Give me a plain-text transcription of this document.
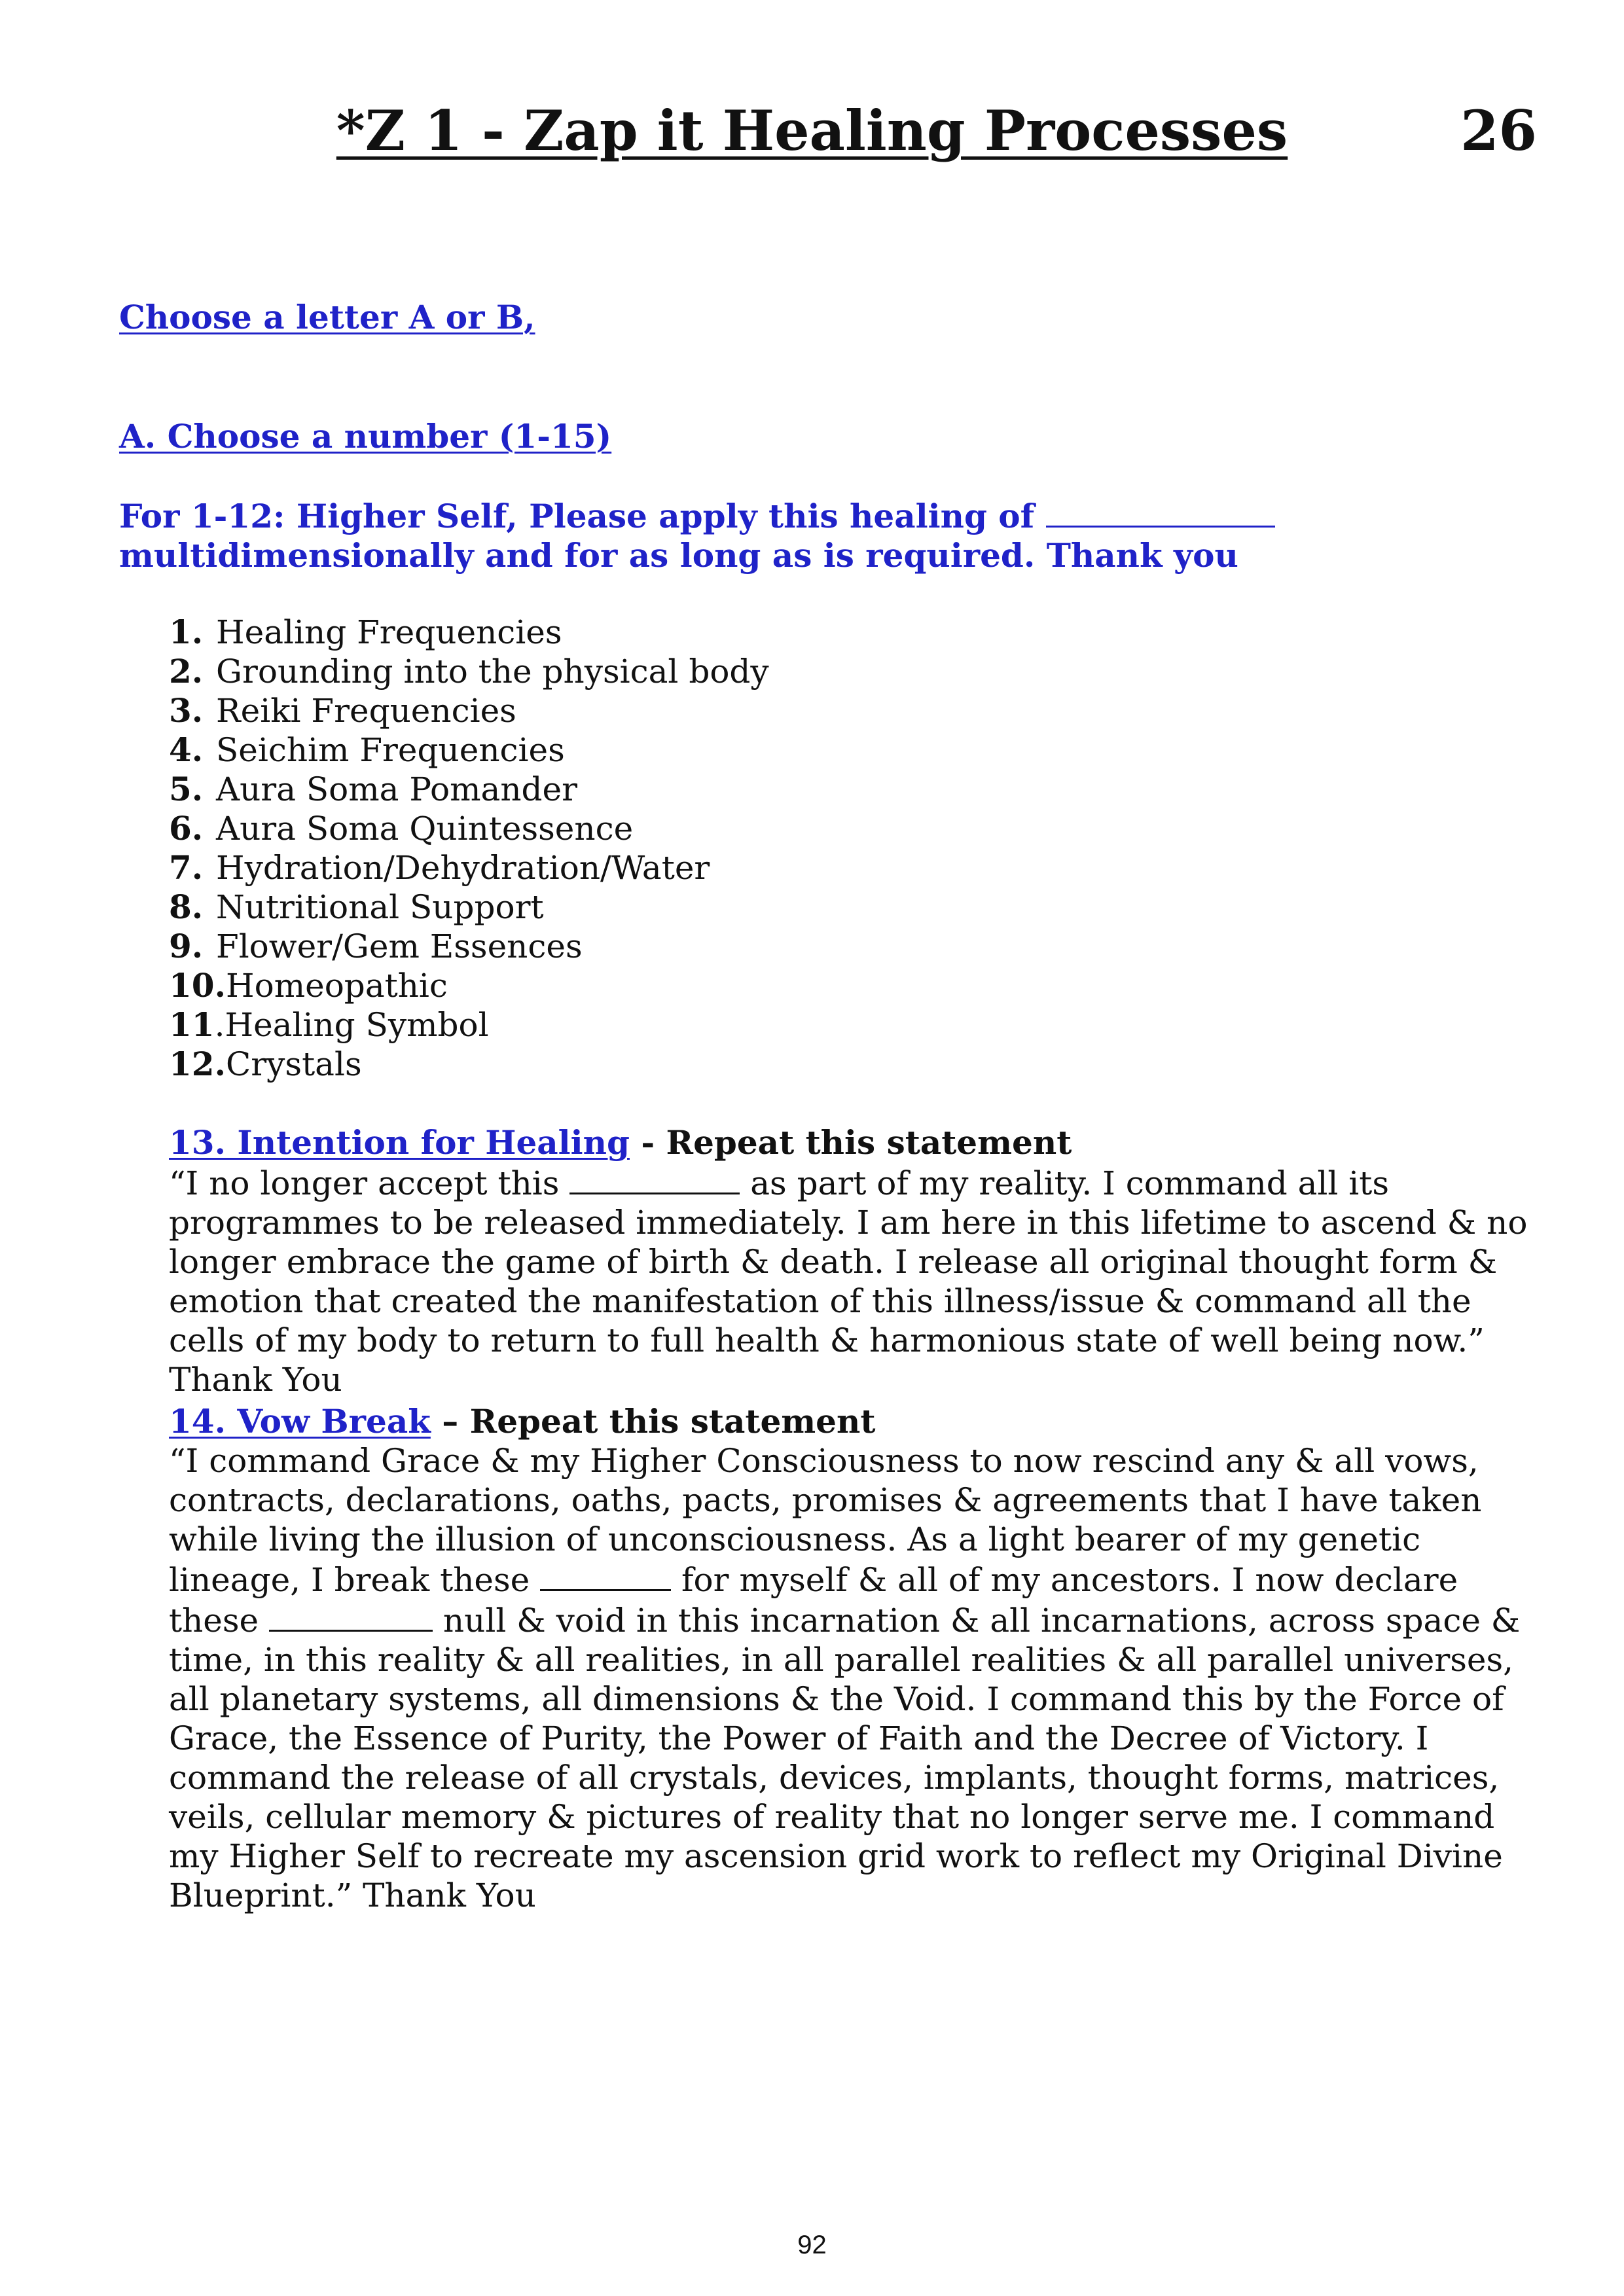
*Z 1 - Zap it Healing Processes	26
Choose a letter A or B,
A. Choose a number (1-15)
For 1-12: Higher Self, Please apply this healing of
multidimensionally and for as long as is required. Thank you
1. Healing Frequencies
2. Grounding into the physical body
3. Reiki Frequencies
4. Seichim Frequencies
5. Aura Soma Pomander
6. Aura Soma Quintessence
7. Hydration/Dehydration/Water
8. Nutritional Support
9. Flower/Gem Essences
10.Homeopathic
11.Healing Symbol
12.Crystals
13. Intention for Healing - Repeat this statement

“I no longer accept this	as part of my reality. I command all its programmes to be released immediately. I am here in this lifetime to ascend & no longer embrace the game of birth & death. I release all original thought form & emotion that created the manifestation of this illness/issue & command all the cells of my body to return to full health & harmonious state of well being now.” Thank You

14. Vow Break – Repeat this statement

“I command Grace & my Higher Consciousness to now rescind any & all vows, contracts, declarations, oaths, pacts, promises & agreements that I have taken while living the illusion of unconsciousness. As a light bearer of my genetic lineage, I break these	for myself & all of my ancestors. I now declare these	null & void in this incarnation & all incarnations, across space & time, in this reality & all realities, in all parallel realities & all parallel universes, all planetary systems, all dimensions & the Void. I command this by the Force of Grace, the Essence of Purity, the Power of Faith and the Decree of Victory. I command the release of all crystals, devices, implants, thought forms, matrices, veils, cellular memory & pictures of reality that no longer serve me. I command my Higher Self to recreate my ascension grid work to reflect my Original Divine Blueprint.” Thank You

92
